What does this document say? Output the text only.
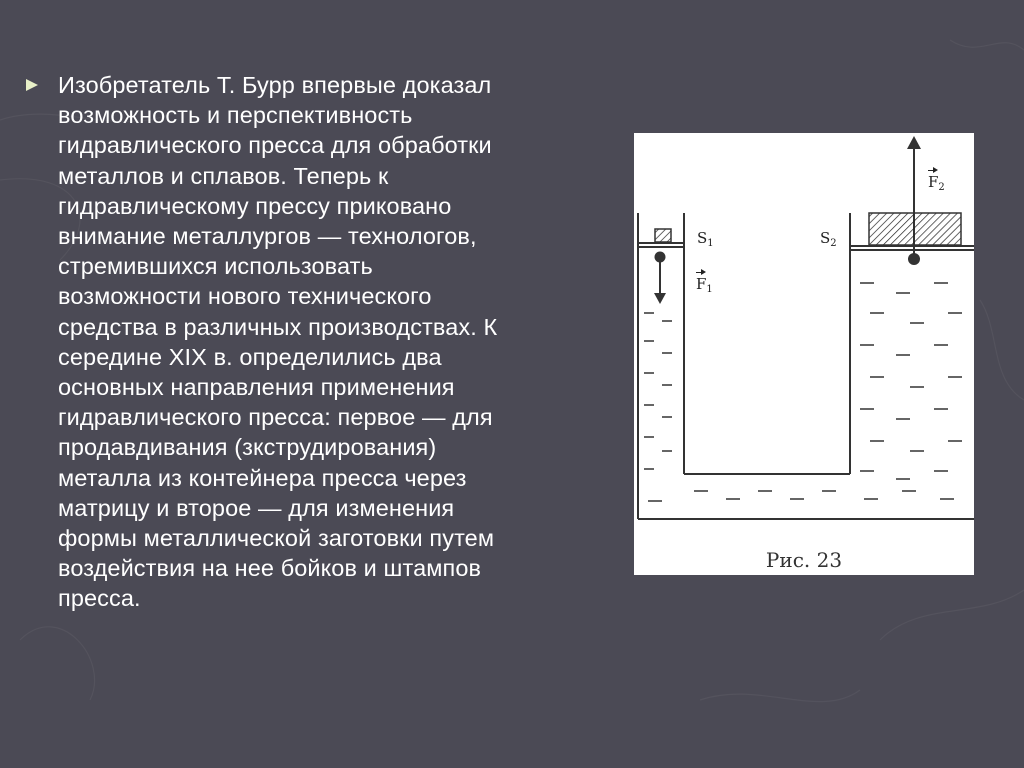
Изобретатель Т. Бурр впервые доказал
возможность и перспективность
гидравлического пресса для обработки
металлов и сплавов. Теперь к
гидравлическому прессу приковано
внимание металлургов — технологов,
стремившихся использовать
возможности нового технического
средства в различных производствах. К
середине XIX в. определились два
основных направления применения
гидравлического пресса: первое — для
продавдивания (зкструдирования)
металла из контейнера пресса через
матрицу и второе — для изменения
формы металлической заготовки путем
воздействия на нее бойков и штампов
пресса.
$S_1$
$F_1$
$S_2$
$F_2$
Рис. 23
